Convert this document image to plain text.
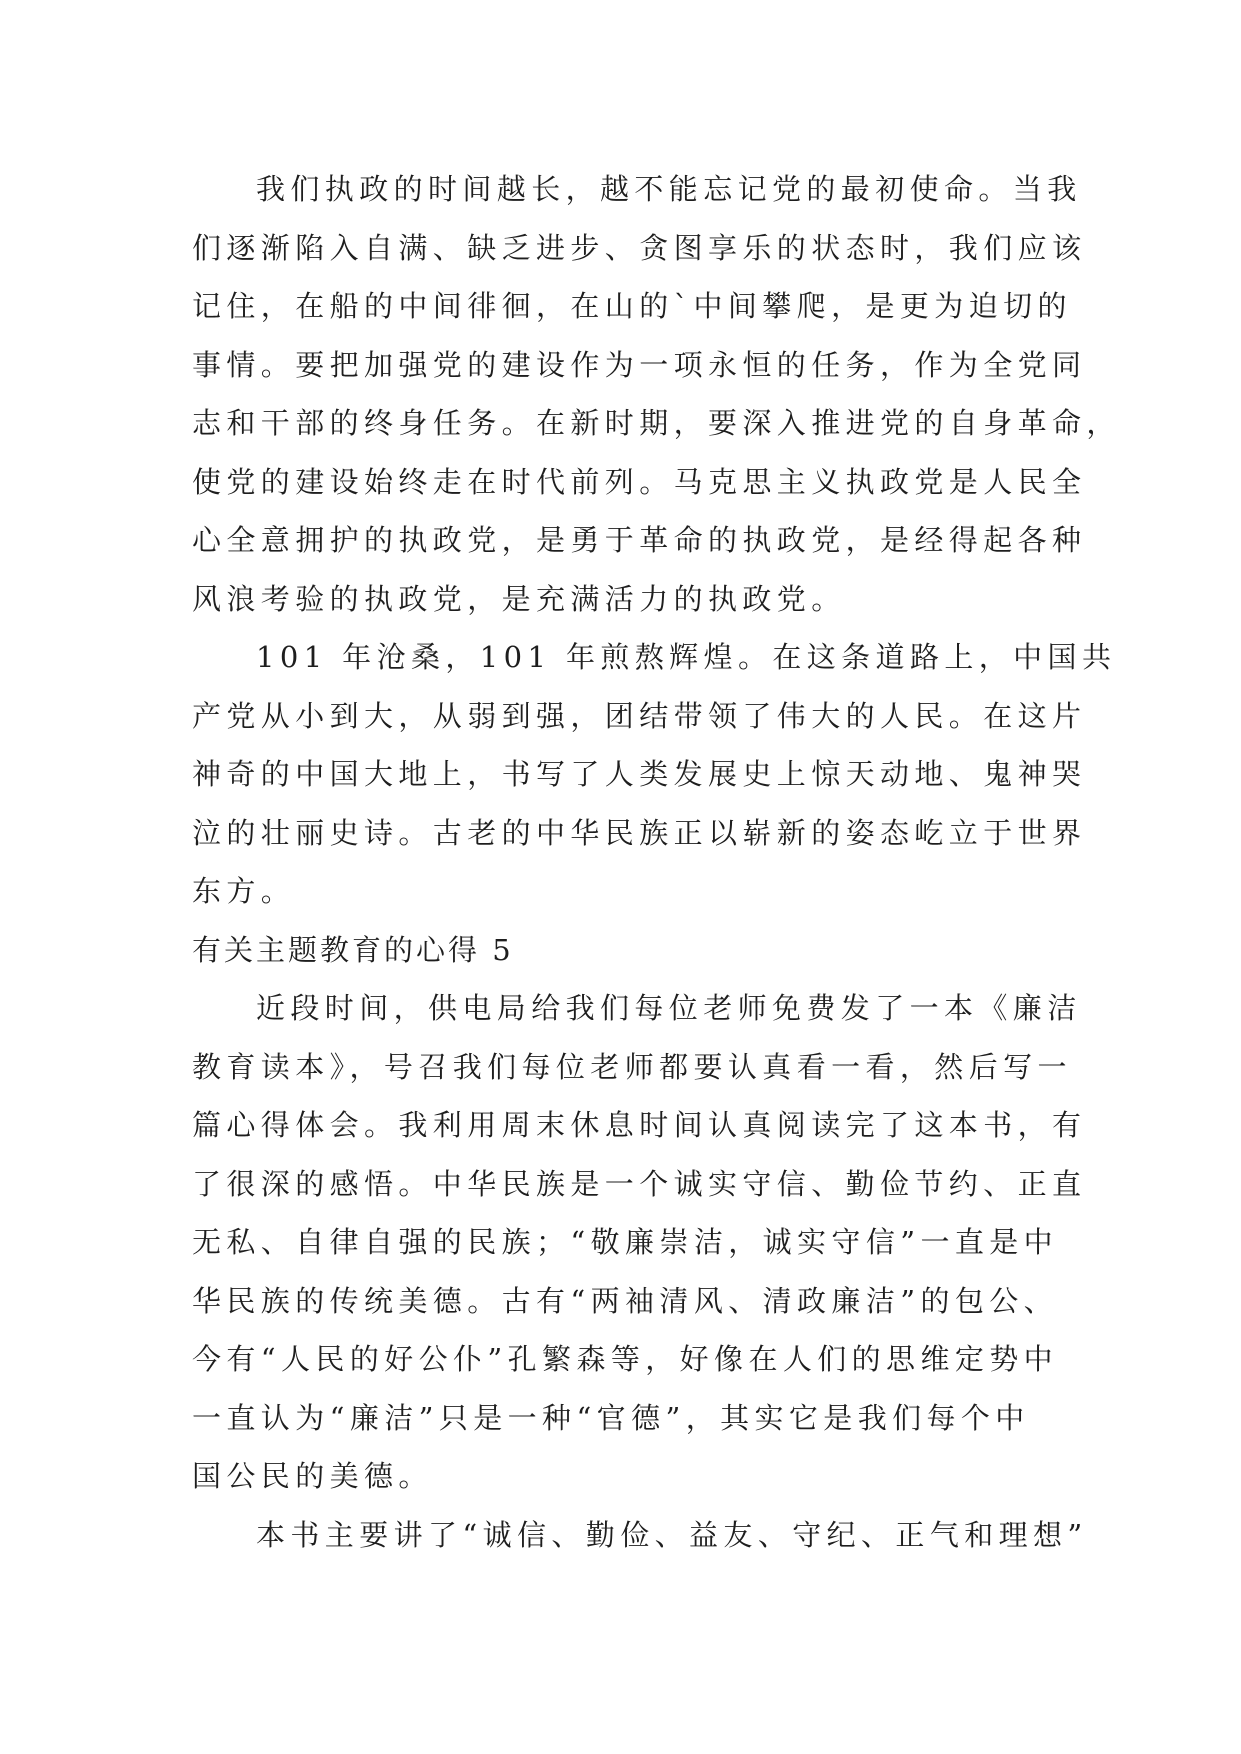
我们执政的时间越长，越不能忘记党的最初使命。当我
们逐渐陷入自满、缺乏进步、贪图享乐的状态时，我们应该
记住，在船的中间徘徊，在山的`中间攀爬，是更为迫切的
事情。要把加强党的建设作为一项永恒的任务，作为全党同
志和干部的终身任务。在新时期，要深入推进党的自身革命，
使党的建设始终走在时代前列。马克思主义执政党是人民全
心全意拥护的执政党，是勇于革命的执政党，是经得起各种
风浪考验的执政党，是充满活力的执政党。

101 年沧桑，101 年煎熬辉煌。在这条道路上，中国共
产党从小到大，从弱到强，团结带领了伟大的人民。在这片
神奇的中国大地上，书写了人类发展史上惊天动地、鬼神哭
泣的壮丽史诗。古老的中华民族正以崭新的姿态屹立于世界
东方。

有关主题教育的心得 5

近段时间，供电局给我们每位老师免费发了一本《廉洁
教育读本》，号召我们每位老师都要认真看一看，然后写一
篇心得体会。我利用周末休息时间认真阅读完了这本书，有
了很深的感悟。中华民族是一个诚实守信、勤俭节约、正直
无私、自律自强的民族；“敬廉崇洁，诚实守信”一直是中
华民族的传统美德。古有“两袖清风、清政廉洁”的包公、
今有“人民的好公仆”孔繁森等，好像在人们的思维定势中
一直认为“廉洁”只是一种“官德”，其实它是我们每个中
国公民的美德。

本书主要讲了“诚信、勤俭、益友、守纪、正气和理想”
